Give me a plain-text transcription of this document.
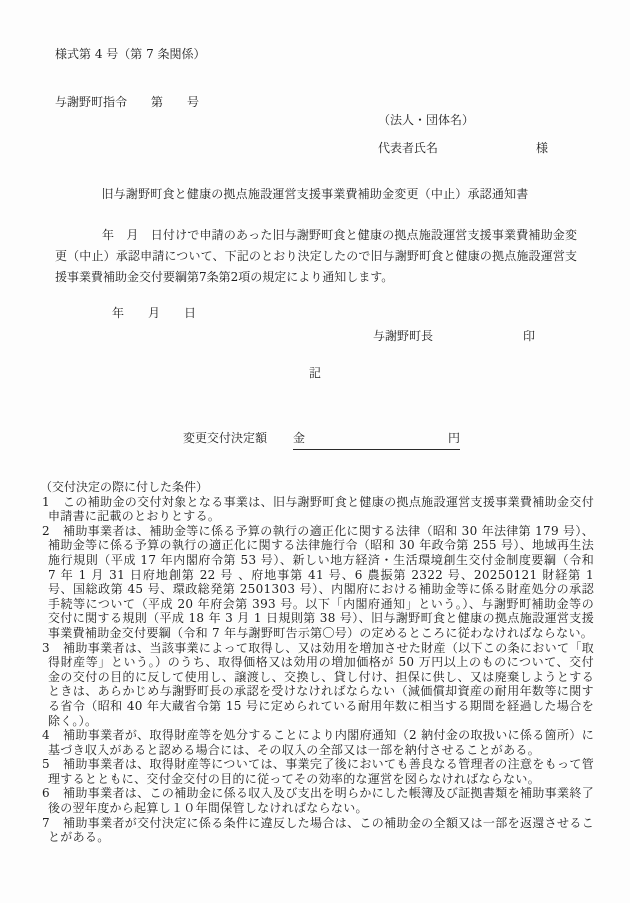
様式第 4 号（第 7 条関係）
与謝野町指令　　第　　号
（法人・団体名）
代表者氏名	様
旧与謝野町食と健康の拠点施設運営支援事業費補助金変更（中止）承認通知書
年　月　日付けで申請のあった旧与謝野町食と健康の拠点施設運営支援事業費補助金変更（中止）承認申請について、下記のとおり決定したので旧与謝野町食と健康の拠点施設運営支援事業費補助金交付要綱第7条第2項の規定により通知します。
年　　月　　日
与謝野町長	印
記
変更交付決定額 金	円
（交付決定の際に付した条件）
1 この補助金の交付対象となる事業は、旧与謝野町食と健康の拠点施設運営支援事業費補助金交付申請書に記載のとおりとする。
2 補助事業者は、補助金等に係る予算の執行の適正化に関する法律（昭和 30 年法律第 179 号）、補助金等に係る予算の執行の適正化に関する法律施行令（昭和 30 年政令第 255 号）、地域再生法施行規則（平成 17 年内閣府令第 53 号）、新しい地方経済・生活環境創生交付金制度要綱（令和 7 年 1 月 31 日府地創第 22 号 、府地事第 41 号、6 農振第 2322 号、20250121 財経第 1 号、国総政第 45 号、環政総発第 2501303 号）、内閣府における補助金等に係る財産処分の承認手続等について（平成 20 年府会第 393 号。以下「内閣府通知」という。）、与謝野町補助金等の交付に関する規則（平成 18 年 3 月 1 日規則第 38 号）、旧与謝野町食と健康の拠点施設運営支援事業費補助金交付要綱（令和 7 年与謝野町告示第〇号）の定めるところに従わなければならない。
3 補助事業者は、当該事業によって取得し、又は効用を増加させた財産（以下この条において「取得財産等」という。）のうち、取得価格又は効用の増加価格が 50 万円以上のものについて、交付金の交付の目的に反して使用し、譲渡し、交換し、貸し付け、担保に供し、又は廃棄しようとするときは、あらかじめ与謝野町長の承認を受けなければならない（減価償却資産の耐用年数等に関する省令（昭和 40 年大蔵省令第 15 号に定められている耐用年数に相当する期間を経過した場合を除く。）。
4 補助事業者が、取得財産等を処分することにより内閣府通知（2 納付金の取扱いに係る箇所）に基づき収入があると認める場合には、その収入の全部又は一部を納付させることがある。
5 補助事業者は、取得財産等については、事業完了後においても善良なる管理者の注意をもって管理するとともに、交付金交付の目的に従ってその効率的な運営を図らなければならない。
6 補助事業者は、この補助金に係る収入及び支出を明らかにした帳簿及び証拠書類を補助事業終了後の翌年度から起算し１０年間保管しなければならない。
7 補助事業者が交付決定に係る条件に違反した場合は、この補助金の全額又は一部を返還させることがある。
